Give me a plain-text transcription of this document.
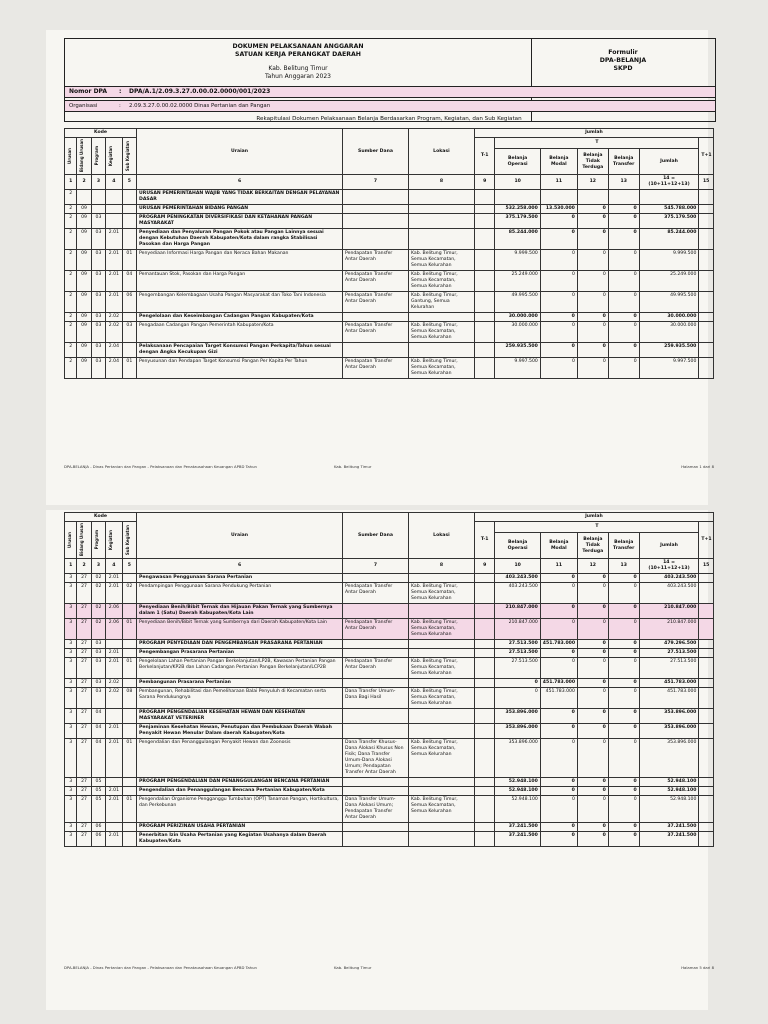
DOKUMEN PELAKSANAAN ANGGARAN
SATUAN KERJA PERANGKAT DAERAH
Kab. Belitung Timur
Tahun Anggaran 2023
Formulir
DPA-BELANJA
SKPD
Nomor DPA : DPA/A.1/2.09.3.27.0.00.02.0000/001/2023
Organisasi	: 2.09.3.27.0.00.02.0000 Dinas Pertanian dan Pangan
Rekapitulasi Dokumen Pelaksanaan Belanja Berdasarkan Program, Kegiatan, dan Sub Kegiatan
Kode					Uraian	Sumber Dana	Lokasi	Jumlah						

Urusan	Bidang Urusan	Program	Kegiatan	Sub Kegiatan				T-1	T					T+1
									Belanja Operasi	Belanja Modal	Belanja Tidak Terduga	Belanja Transfer	Jumlah	
1	2	3	4	5	6	7	8	9	10	11	12	13	14 = (10+11+12+13)	15
2					URUSAN PEMERINTAHAN WAJIB YANG TIDAK BERKAITAN DENGAN PELAYANAN DASAR									
2	09				URUSAN PEMERINTAHAN BIDANG PANGAN				532.258.000	13.530.000	0	0	545.788.000	
2	09	03			PROGRAM PENINGKATAN DIVERSIFIKASI DAN KETAHANAN PANGAN MASYARAKAT				375.179.500	0	0	0	375.179.500	
2	09	03	2.01		Penyediaan dan Penyaluran Pangan Pokok atau Pangan Lainnya sesuai dengan Kebutuhan Daerah Kabupaten/Kota dalam rangka Stabilisasi Pasokan dan Harga Pangan				85.244.000	0	0	0	85.244.000	
2	09	03	2.01	01	Penyediaan Informasi Harga Pangan dan Neraca Bahan Makanan	Pendapatan Transfer Antar Daerah	Kab. Belitung Timur, Semua Kecamatan, Semua Kelurahan		9.999.500	0	0	0	9.999.500	
2	09	03	2.01	04	Pemantauan Stok, Pasokan dan Harga Pangan	Pendapatan Transfer Antar Daerah	Kab. Belitung Timur, Semua Kecamatan, Semua Kelurahan		25.249.000	0	0	0	25.249.000	
2	09	03	2.01	06	Pengembangan Kelembagaan Usaha Pangan Masyarakat dan Toko Tani Indonesia	Pendapatan Transfer Antar Daerah	Kab. Belitung Timur, Gantung, Semua Kelurahan		49.995.500	0	0	0	49.995.500	
2	09	03	2.02		Pengelolaan dan Keseimbangan Cadangan Pangan Kabupaten/Kota				30.000.000	0	0	0	30.000.000	
2	09	03	2.02	03	Pengadaan Cadangan Pangan Pemerintah Kabupaten/Kota	Pendapatan Transfer Antar Daerah	Kab. Belitung Timur, Semua Kecamatan, Semua Kelurahan		30.000.000	0	0	0	30.000.000	
2	09	03	2.04		Pelaksanaan Pencapaian Target Konsumsi Pangan Perkapita/Tahun sesuai dengan Angka Kecukupan Gizi				259.935.500	0	0	0	259.935.500	
2	09	03	2.04	01	Penyusunan dan Pendapan Target Konsumsi Pangan Per Kapita Per Tahun	Pendapatan Transfer Antar Daerah	Kab. Belitung Timur, Semua Kecamatan, Semua Kelurahan		9.997.500	0	0	0	9.997.500	
DPA-BELANJA - Dinas Pertanian dan Pangan - Pelaksanaan dan Penatausahaan Keuangan APBD Tahun	Kab. Belitung Timur	Halaman 1 dari 8
Kode					Uraian	Sumber Dana	Lokasi	Jumlah						

Urusan	Bidang Urusan	Program	Kegiatan	Sub Kegiatan				T-1	T					T+1
									Belanja Operasi	Belanja Modal	Belanja Tidak Terduga	Belanja Transfer	Jumlah	
1	2	3	4	5	6	7	8	9	10	11	12	13	14 = (10+11+12+13)	15
3	27	02	2.01		Pengawasan Penggunaan Sarana Pertanian				403.243.500	0	0	0	403.243.500	
3	27	02	2.01	02	Pendampingan Penggunaan Sarana Pendukung Pertanian	Pendapatan Transfer Antar Daerah	Kab. Belitung Timur, Semua Kecamatan, Semua Kelurahan		403.243.500	0	0	0	403.243.500	
3	27	02	2.06		Penyediaan Benih/Bibit Ternak dan Hijauan Pakan Ternak yang Sumbernya dalam 1 (Satu) Daerah Kabupaten/Kota Lain				210.847.000	0	0	0	210.847.000	
3	27	02	2.06	01	Penyediaan Benih/Bibit Ternak yang Sumbernya dari Daerah Kabupaten/Kota Lain	Pendapatan Transfer Antar Daerah	Kab. Belitung Timur, Semua Kecamatan, Semua Kelurahan		210.847.000	0	0	0	210.847.000	
3	27	03			PROGRAM PENYEDIAAN DAN PENGEMBANGAN PRASARANA PERTANIAN				27.513.500	451.783.000	0	0	479.296.500	
3	27	03	2.01		Pengembangan Prasarana Pertanian				27.513.500	0	0	0	27.513.500	
3	27	03	2.01	01	Pengelolaan Lahan Pertanian Pangan Berkelanjutan/LP2B, Kawasan Pertanian Pangan Berkelanjutan/KP2B dan Lahan Cadangan Pertanian Pangan Berkelanjutan/LCP2B	Pendapatan Transfer Antar Daerah	Kab. Belitung Timur, Semua Kecamatan, Semua Kelurahan		27.513.500	0	0	0	27.513.500	
3	27	03	2.02		Pembangunan Prasarana Pertanian				0	451.783.000	0	0	451.783.000	
3	27	03	2.02	08	Pembangunan, Rehabilitasi dan Pemeliharaan Balai Penyuluh di Kecamatan serta Sarana Pendukungnya	Dana Transfer Umum-Dana Bagi Hasil	Kab. Belitung Timur, Semua Kecamatan, Semua Kelurahan		0	451.783.000	0	0	451.783.000	
3	27	04			PROGRAM PENGENDALIAN KESEHATAN HEWAN DAN KESEHATAN MASYARAKAT VETERINER				353.896.000	0	0	0	353.896.000	
3	27	04	2.01		Penjaminan Kesehatan Hewan, Penutupan dan Pembukaan Daerah Wabah Penyakit Hewan Menular Dalam daerah Kabupaten/Kota				353.896.000	0	0	0	353.896.000	
3	27	04	2.01	01	Pengendalian dan Penanggulangan Penyakit Hewan dan Zoonosis	Dana Transfer Khusus-Dana Alokasi Khusus Non Fisik; Dana Transfer Umum-Dana Alokasi Umum; Pendapatan Transfer Antar Daerah	Kab. Belitung Timur, Semua Kecamatan, Semua Kelurahan		353.896.000	0	0	0	353.896.000	
3	27	05			PROGRAM PENGENDALIAN DAN PENANGGULANGAN BENCANA PERTANIAN				52.948.100	0	0	0	52.948.100	
3	27	05	2.01		Pengendalian dan Penanggulangan Bencana Pertanian Kabupaten/Kota				52.948.100	0	0	0	52.948.100	
3	27	05	2.01	01	Pengendalian Organisme Pengganggu Tumbuhan (OPT) Tanaman Pangan, Hortikultura, dan Perkebunan	Dana Transfer Umum-Dana Alokasi Umum; Pendapatan Transfer Antar Daerah	Kab. Belitung Timur, Semua Kecamatan, Semua Kelurahan		52.948.100	0	0	0	52.948.100	
3	27	06			PROGRAM PERIZINAN USAHA PERTANIAN				37.241.500	0	0	0	37.241.500	
3	27	06	2.01		Penerbitan Izin Usaha Pertanian yang Kegiatan Usahanya dalam Daerah Kabupaten/Kota				37.241.500	0	0	0	37.241.500	
DPA-BELANJA - Dinas Pertanian dan Pangan - Pelaksanaan dan Penatausahaan Keuangan APBD Tahun	Kab. Belitung Timur	Halaman 5 dari 8
